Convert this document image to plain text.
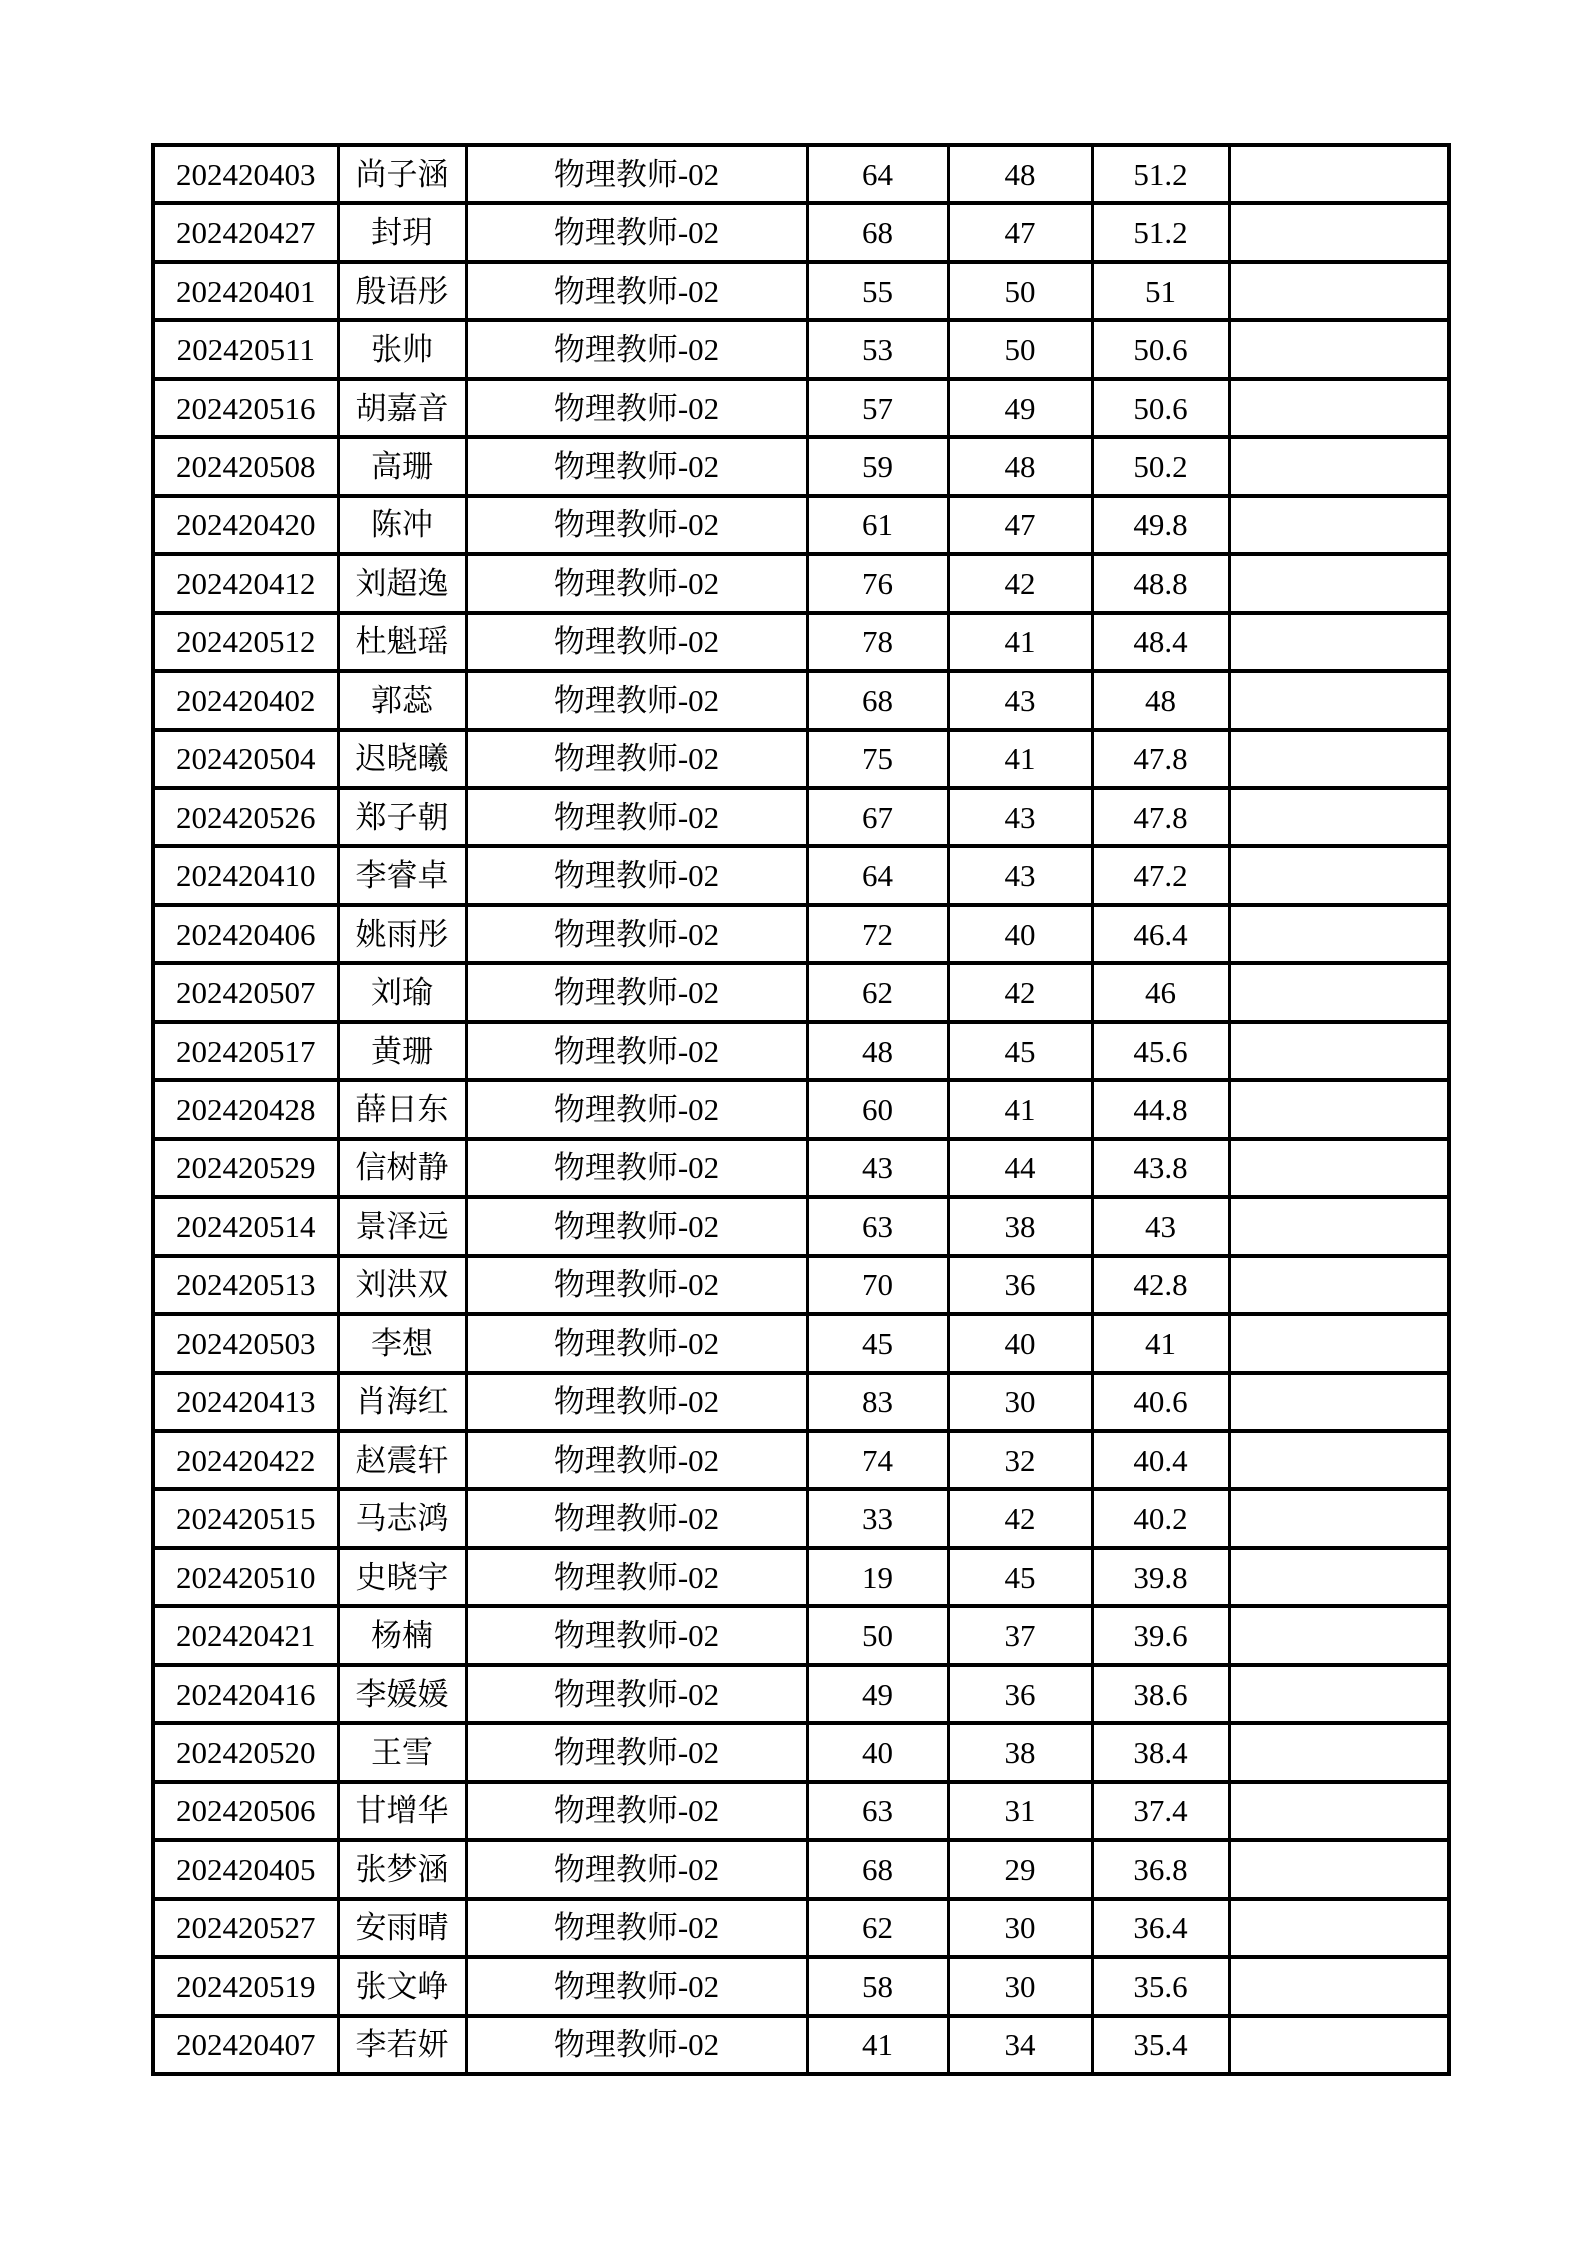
202420403	尚子涵	物理教师-02	64	48	51.2	
202420427	封玥	物理教师-02	68	47	51.2	
202420401	殷语彤	物理教师-02	55	50	51	
202420511	张帅	物理教师-02	53	50	50.6	
202420516	胡嘉音	物理教师-02	57	49	50.6	
202420508	高珊	物理教师-02	59	48	50.2	
202420420	陈冲	物理教师-02	61	47	49.8	
202420412	刘超逸	物理教师-02	76	42	48.8	
202420512	杜魁瑶	物理教师-02	78	41	48.4	
202420402	郭蕊	物理教师-02	68	43	48	
202420504	迟晓曦	物理教师-02	75	41	47.8	
202420526	郑子朝	物理教师-02	67	43	47.8	
202420410	李睿卓	物理教师-02	64	43	47.2	
202420406	姚雨彤	物理教师-02	72	40	46.4	
202420507	刘瑜	物理教师-02	62	42	46	
202420517	黄珊	物理教师-02	48	45	45.6	
202420428	薛日东	物理教师-02	60	41	44.8	
202420529	信树静	物理教师-02	43	44	43.8	
202420514	景泽远	物理教师-02	63	38	43	
202420513	刘洪双	物理教师-02	70	36	42.8	
202420503	李想	物理教师-02	45	40	41	
202420413	肖海红	物理教师-02	83	30	40.6	
202420422	赵震轩	物理教师-02	74	32	40.4	
202420515	马志鸿	物理教师-02	33	42	40.2	
202420510	史晓宇	物理教师-02	19	45	39.8	
202420421	杨楠	物理教师-02	50	37	39.6	
202420416	李媛媛	物理教师-02	49	36	38.6	
202420520	王雪	物理教师-02	40	38	38.4	
202420506	甘增华	物理教师-02	63	31	37.4	
202420405	张梦涵	物理教师-02	68	29	36.8	
202420527	安雨晴	物理教师-02	62	30	36.4	
202420519	张文峥	物理教师-02	58	30	35.6	
202420407	李若妍	物理教师-02	41	34	35.4	
